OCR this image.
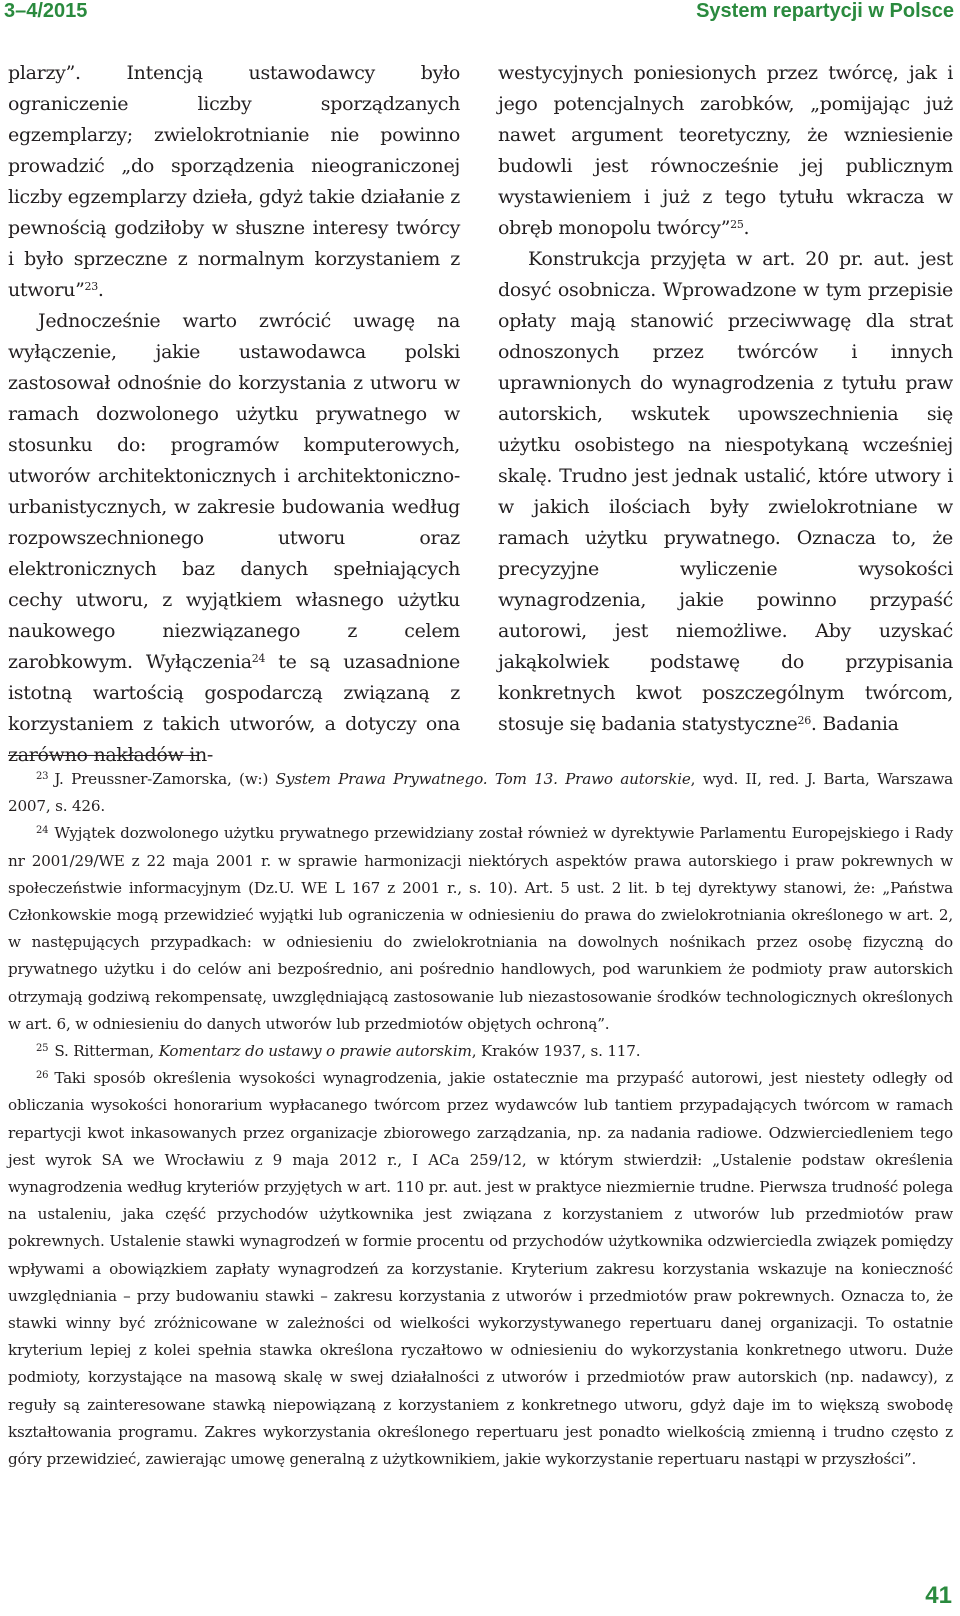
3–4/2015	System repartycji w Polsce

plarzy”. Intencją ustawodawcy było ograniczenie liczby sporządzanych egzemplarzy; zwielokrotnianie nie powinno prowadzić „do sporządzenia nieograniczonej liczby egzemplarzy dzieła, gdyż takie działanie z pewnością godziłoby w słuszne interesy twórcy i było sprzeczne z normalnym korzystaniem z utworu”$^{23}$.

Jednocześnie warto zwrócić uwagę na wyłączenie, jakie ustawodawca polski zastosował odnośnie do korzystania z utworu w ramach dozwolonego użytku prywatnego w stosunku do: programów komputerowych, utworów architektonicznych i architektoniczno-urbanistycznych, w zakresie budowania według rozpowszechnionego utworu oraz elektronicznych baz danych spełniających cechy utworu, z wyjątkiem własnego użytku naukowego niezwiązanego z celem zarobkowym. Wyłączenia$^{24}$ te są uzasadnione istotną wartością gospodarczą związaną z korzystaniem z takich utworów, a dotyczy ona zarówno nakładów in-

westycyjnych poniesionych przez twórcę, jak i jego potencjalnych zarobków, „pomijając już nawet argument teoretyczny, że wzniesienie budowli jest równocześnie jej publicznym wystawieniem i już z tego tytułu wkracza w obręb monopolu twórcy”$^{25}$.

Konstrukcja przyjęta w art. 20 pr. aut. jest dosyć osobnicza. Wprowadzone w tym przepisie opłaty mają stanowić przeciwwagę dla strat odnoszonych przez twórców i innych uprawnionych do wynagrodzenia z tytułu praw autorskich, wskutek upowszechnienia się użytku osobistego na niespotykaną wcześniej skalę. Trudno jest jednak ustalić, które utwory i w jakich ilościach były zwielokrotniane w ramach użytku prywatnego. Oznacza to, że precyzyjne wyliczenie wysokości wynagrodzenia, jakie powinno przypaść autorowi, jest niemożliwe. Aby uzyskać jakąkolwiek podstawę do przypisania konkretnych kwot poszczególnym twórcom, stosuje się badania statystyczne$^{26}$. Badania

$^{23}$ J. Preussner-Zamorska, (w:) System Prawa Prywatnego. Tom 13. Prawo autorskie, wyd. II, red. J. Barta, Warszawa 2007, s. 426.

$^{24}$ Wyjątek dozwolonego użytku prywatnego przewidziany został również w dyrektywie Parlamentu Europejskiego i Rady nr 2001/29/WE z 22 maja 2001 r. w sprawie harmonizacji niektórych aspektów prawa autorskiego i praw pokrewnych w społeczeństwie informacyjnym (Dz.U. WE L 167 z 2001 r., s. 10). Art. 5 ust. 2 lit. b tej dyrektywy stanowi, że: „Państwa Członkowskie mogą przewidzieć wyjątki lub ograniczenia w odniesieniu do prawa do zwielokrotniania określonego w art. 2, w następujących przypadkach: w odniesieniu do zwielokrotniania na dowolnych nośnikach przez osobę fizyczną do prywatnego użytku i do celów ani bezpośrednio, ani pośrednio handlowych, pod warunkiem że podmioty praw autorskich otrzymają godziwą rekompensatę, uwzględniającą zastosowanie lub niezastosowanie środków technologicznych określonych w art. 6, w odniesieniu do danych utworów lub przedmiotów objętych ochroną”.

$^{25}$ S. Ritterman, Komentarz do ustawy o prawie autorskim, Kraków 1937, s. 117.

$^{26}$ Taki sposób określenia wysokości wynagrodzenia, jakie ostatecznie ma przypaść autorowi, jest niestety odległy od obliczania wysokości honorarium wypłacanego twórcom przez wydawców lub tantiem przypadających twórcom w ramach repartycji kwot inkasowanych przez organizacje zbiorowego zarządzania, np. za nadania radiowe. Odzwierciedleniem tego jest wyrok SA we Wrocławiu z 9 maja 2012 r., I ACa 259/12, w którym stwierdził: „Ustalenie podstaw określenia wynagrodzenia według kryteriów przyjętych w art. 110 pr. aut. jest w praktyce niezmiernie trudne. Pierwsza trudność polega na ustaleniu, jaka część przychodów użytkownika jest związana z korzystaniem z utworów lub przedmiotów praw pokrewnych. Ustalenie stawki wynagrodzeń w formie procentu od przychodów użytkownika odzwierciedla związek pomiędzy wpływami a obowiązkiem zapłaty wynagrodzeń za korzystanie. Kryterium zakresu korzystania wskazuje na konieczność uwzględniania – przy budowaniu stawki – zakresu korzystania z utworów i przedmiotów praw pokrewnych. Oznacza to, że stawki winny być zróżnicowane w zależności od wielkości wykorzystywanego repertuaru danej organizacji. To ostatnie kryterium lepiej z kolei spełnia stawka określona ryczałtowo w odniesieniu do wykorzystania konkretnego utworu. Duże podmioty, korzystające na masową skalę w swej działalności z utworów i przedmiotów praw autorskich (np. nadawcy), z reguły są zainteresowane stawką niepowiązaną z korzystaniem z konkretnego utworu, gdyż daje im to większą swobodę kształtowania programu. Zakres wykorzystania określonego repertuaru jest ponadto wielkością zmienną i trudno często z góry przewidzieć, zawierając umowę generalną z użytkownikiem, jakie wykorzystanie repertuaru nastąpi w przyszłości”.

41
